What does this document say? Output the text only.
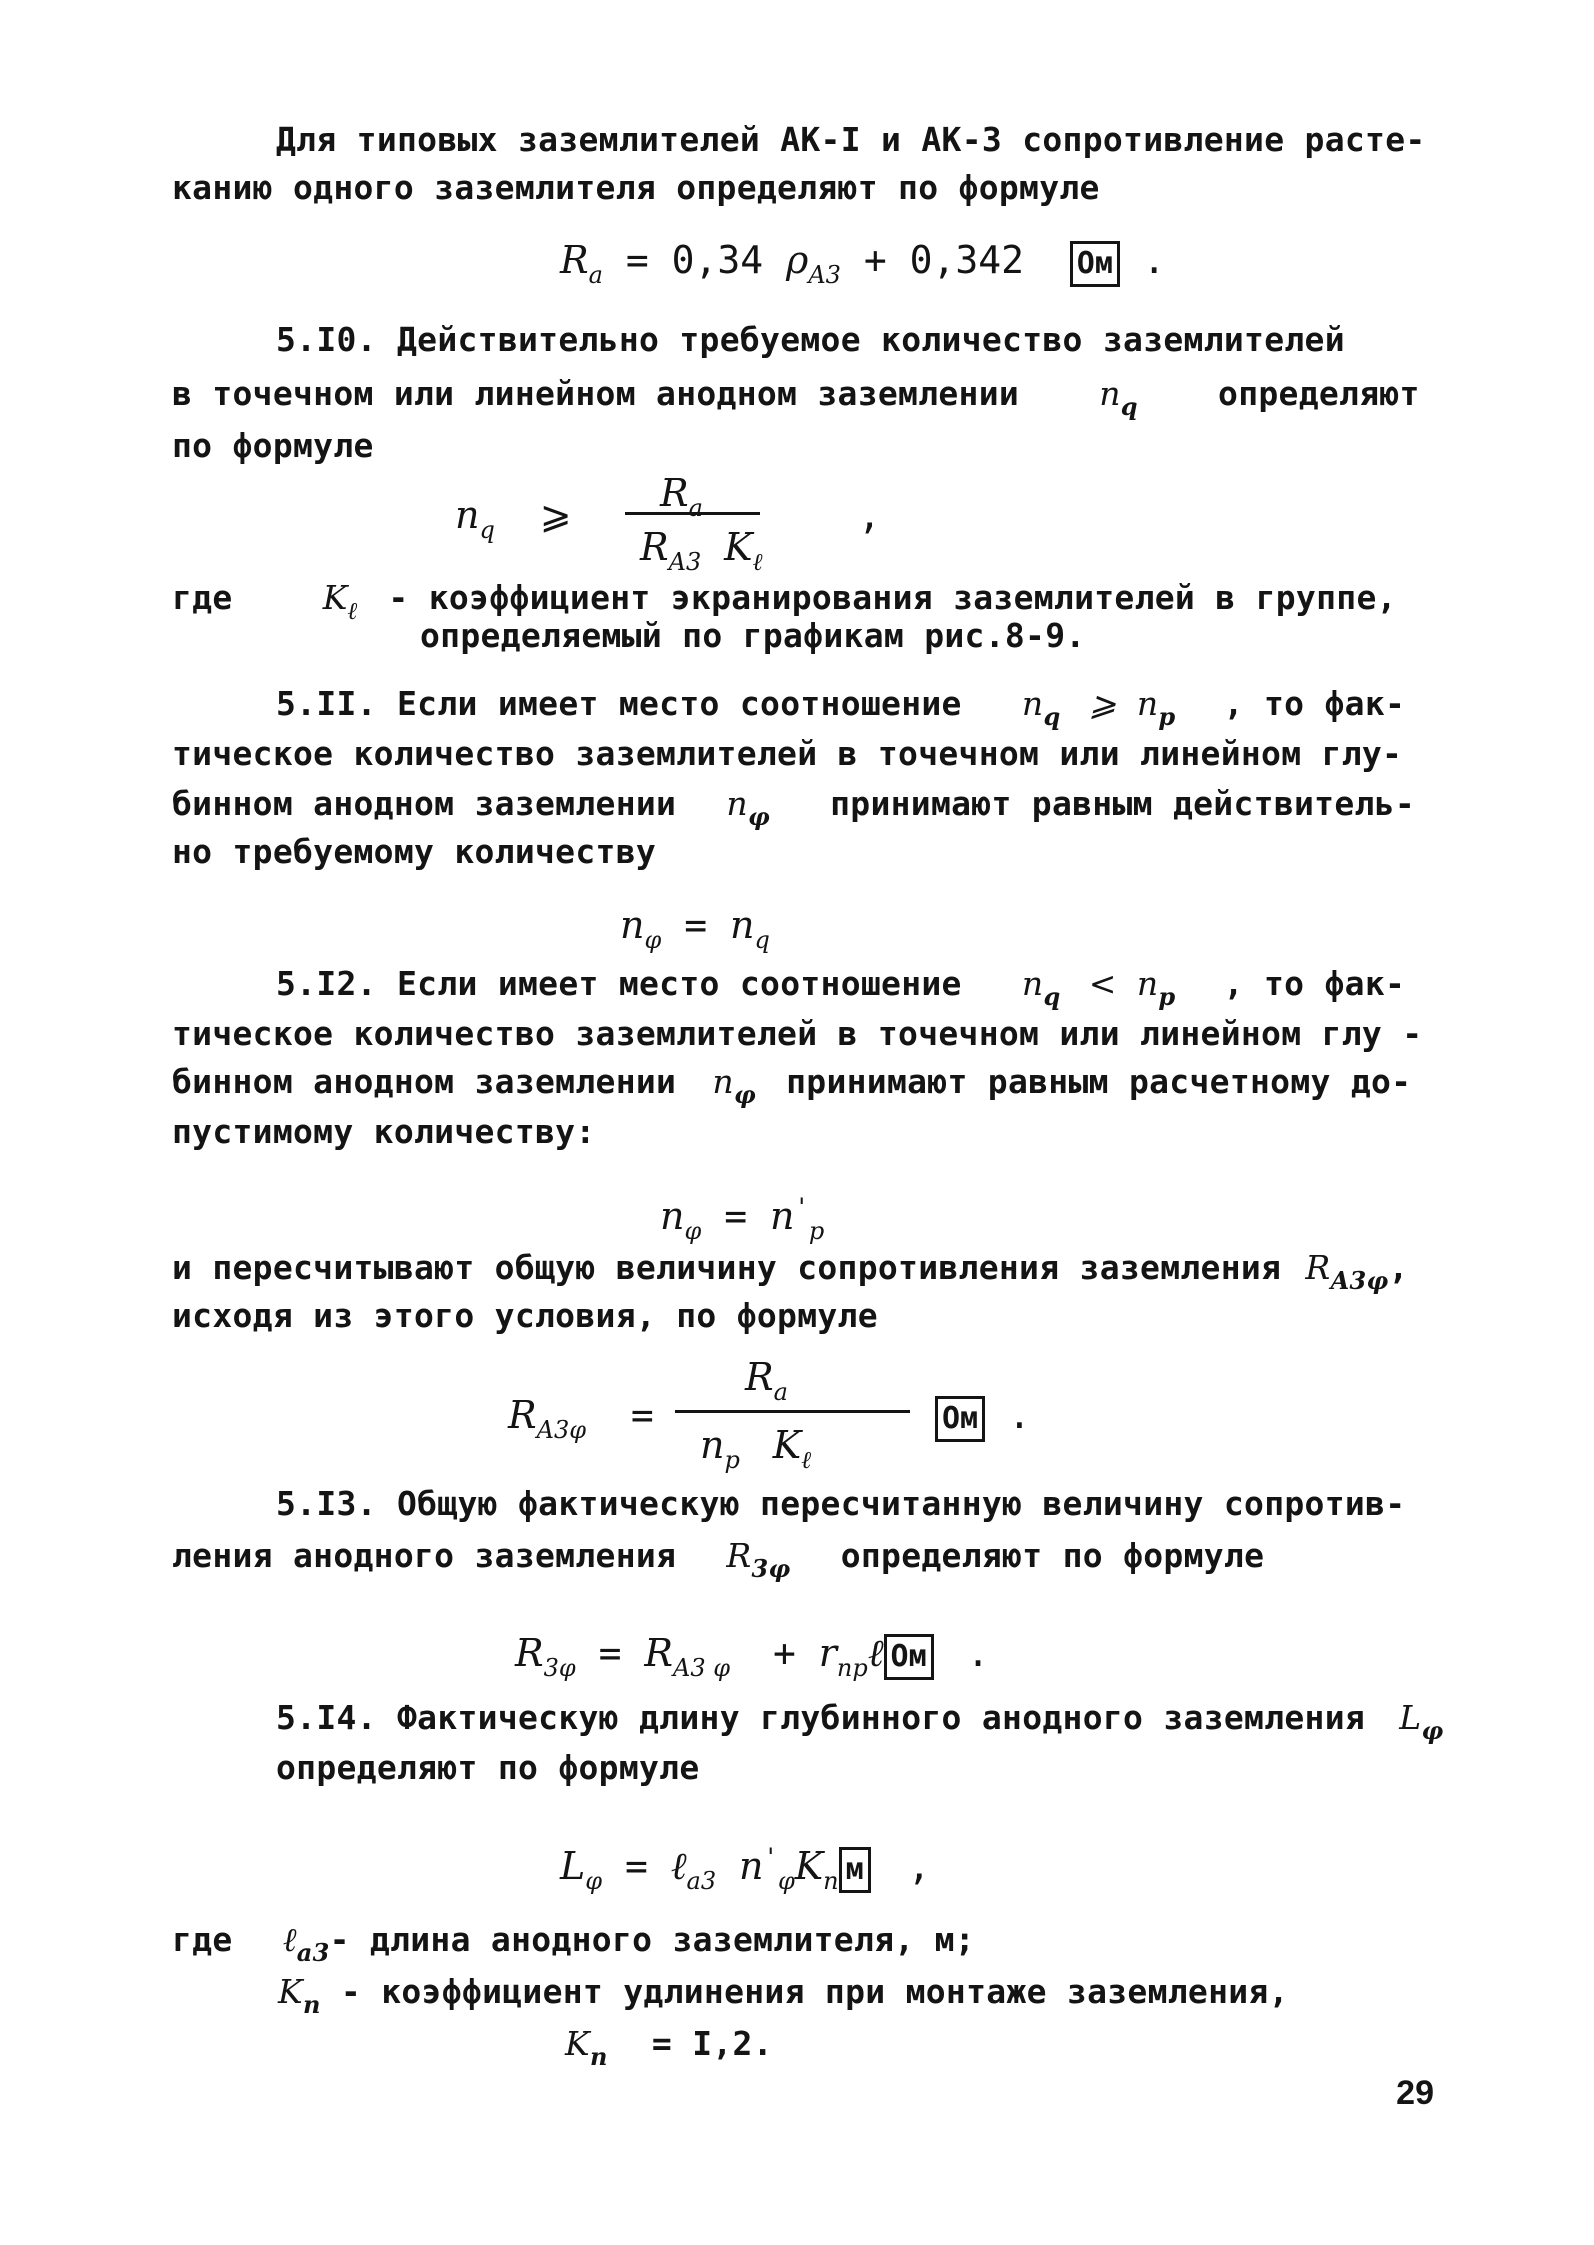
Для типовых заземлителей АК-I и АК-3 сопротивление расте-
канию одного заземлителя определяют по формуле
$R_a = 0,34$ $\rho_{A3} + 0,342$ Ом .
5.I0. Действительно требуемое количество заземлителей
в точечном или линейном анодном заземлении $n_q$ определяют
по формуле
$n_q$ ⩾ $R_a$
$R_{A3}$ $K_\ell$
,
где	$K_\ell$ - коэффициент экранирования заземлителей в группе,
определяемый по графикам рис.8-9.
5.II. Если имеет место соотношение $n_q$ ⩾ $n_p$ , то фак-
тическое количество заземлителей в точечном или линейном глу-
бинном анодном заземлении $n_\varphi$ принимают равным действитель-
но требуемому количеству
$n_\varphi = n_q$
5.I2. Если имеет место соотношение $n_q < n_p$ , то фак-
тическое количество заземлителей в точечном или линейном глу -
бинном анодном заземлении $n_\varphi$ принимают равным расчетному до-
пустимому количеству:
$n_\varphi = n'_p$
и пересчитывают общую величину сопротивления заземления $R_{A3\varphi}$,
исходя из этого условия, по формуле
$R_{A3\varphi}$ =
$R_a$
$n_p$ $K_\ell$
Ом .
5.I3. Общую фактическую пересчитанную величину сопротив-
ления анодного заземления $R_{3\varphi}$ определяют по формуле
$R_{3\varphi} = R_{A3 \varphi}$ + $r_{пр}\ell$ Ом .
5.I4. Фактическую длину глубинного анодного заземления $L_\varphi$
определяют по формуле
$L_\varphi$ = ℓ$_{а3}$ $n'_\varphi K_п$ м ,
где ℓ$_{а3}$- длина анодного заземлителя, м;
$K_п$ - коэффициент удлинения при монтаже заземления,
$K_п = I,2$.
29
